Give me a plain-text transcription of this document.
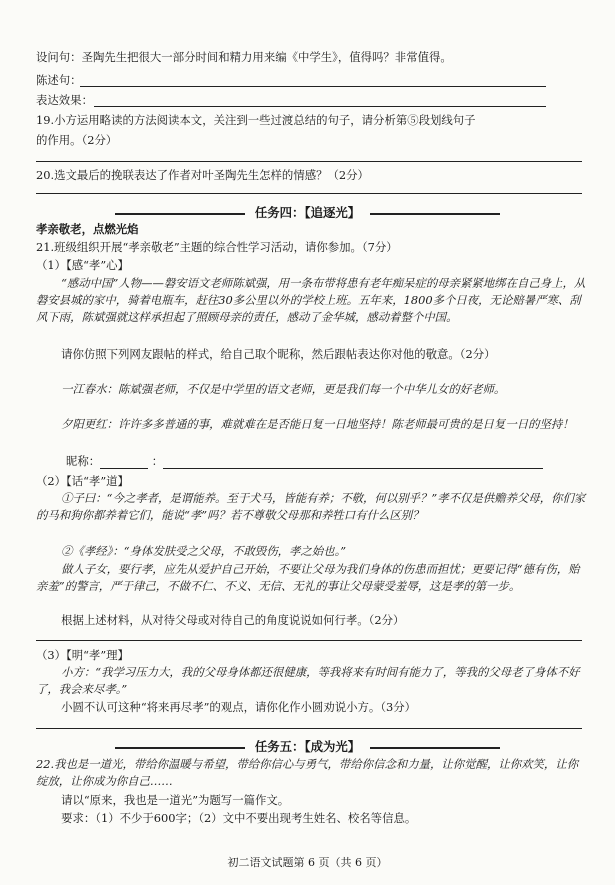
设问句：圣陶先生把很大一部分时间和精力用来编《中学生》，值得吗？非常值得。
陈述句：
表达效果：
19.小方运用略读的方法阅读本文，关注到一些过渡总结的句子，请分析第⑤段划线句子
的作用。（2分）
20.选文最后的挽联表达了作者对叶圣陶先生怎样的情感？（2分）
任务四：【追逐光】
孝亲敬老，点燃光焰
21.班级组织开展“孝亲敬老”主题的综合性学习活动，请你参加。（7分）
（1）【感“孝”心】
“感动中国”人物——磐安语文老师陈斌强，用一条布带将患有老年痴呆症的母亲紧紧地绑在自己身上，从磐安县城的家中，骑着电瓶车，赶往30多公里以外的学校上班。五年来，1800多个日夜，无论赔暑严寒、刮风下雨，陈斌强就这样承担起了照顾母亲的责任，感动了金华城，感动着整个中国。
请你仿照下列网友跟帖的样式，给自己取个昵称，然后跟帖表达你对他的敬意。（2分）
一江春水：陈斌强老师，不仅是中学里的语文老师，更是我们每一个中华儿女的好老师。
夕阳更红：许许多多普通的事，难就难在是否能日复一日地坚持！陈老师最可贵的是日复一日的坚持！
昵称：	：
（2）【话“孝”道】
①子曰：“今之孝者，是谓能养。至于犬马，皆能有养；不敬，何以别乎？”孝不仅是供赡养父母，你们家的马和狗你都养着它们，能说“孝”吗？若不尊敬父母那和养牲口有什么区别？
②《孝经》：“身体发肤受之父母，不敢毁伤，孝之始也。”
做人子女，要行孝，应先从爱护自己开始，不要让父母为我们身体的伤患而担忧；更要记得“德有伤，贻亲羞”的警言，严于律己，不做不仁、不义、无信、无礼的事让父母蒙受羞辱，这是孝的第一步。
根据上述材料，从对待父母或对待自己的角度说说如何行孝。（2分）
（3）【明“孝”理】
小方：“我学习压力大，我的父母身体都还很健康，等我将来有时间有能力了，等我的父母老了身体不好了，我会来尽孝。”
小圆不认可这种“将来再尽孝”的观点，请你化作小圆劝说小方。（3分）
任务五：【成为光】
22.我也是一道光，带给你温暖与希望，带给你信心与勇气，带给你信念和力量，让你觉醒，让你欢笑，让你绽放，让你成为你自己……
请以“原来，我也是一道光”为题写一篇作文。
要求：（1）不少于600字；（2）文中不要出现考生姓名、校名等信息。
初二语文试题第 6 页（共 6 页）
